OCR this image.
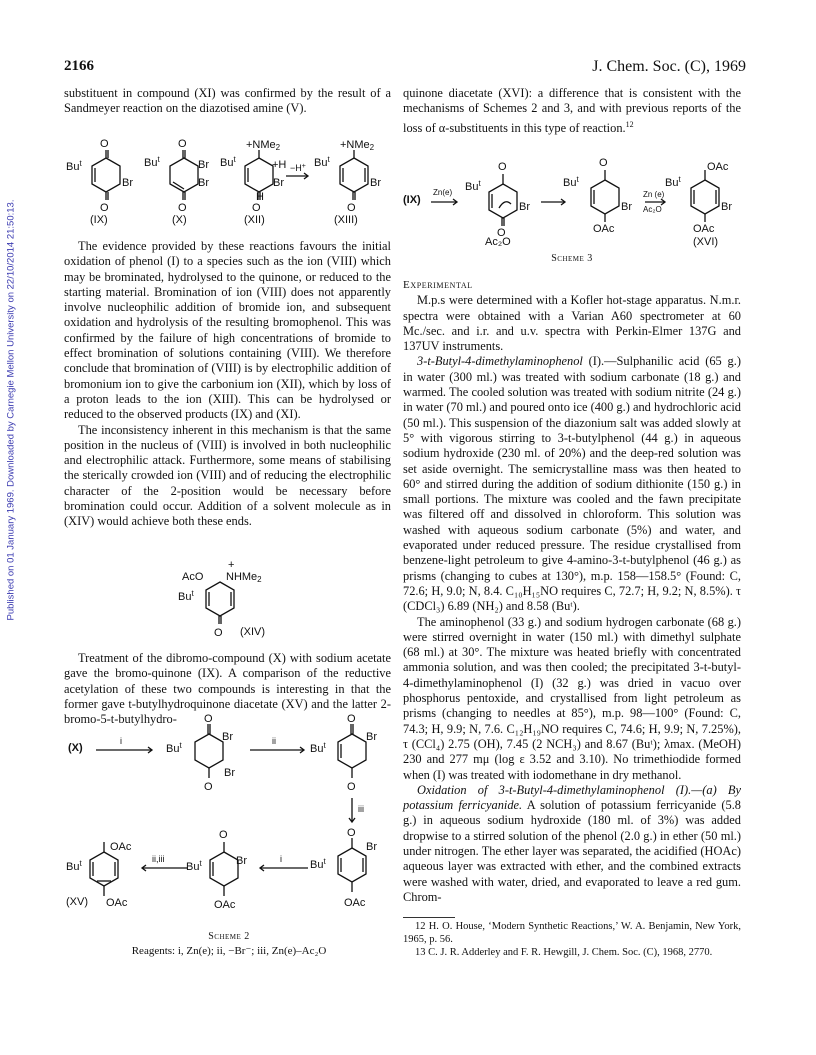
2166	J. Chem. Soc. (C), 1969
Published on 01 January 1969. Downloaded by Carnegie Mellon University on 22/10/2014 21:50:13.

substituent in compound (XI) was confirmed by the result of a Sandmeyer reaction on the diazotised amine (V).

O
O
Bu$^t$
Br
O
O
Bu$^t$	Br
Br
+NMe2
$Bu^t$	+H
Br
O
H
−H+
+NMe2
Bu$^t$
Br
O
(IX)	(X)	(XII)	(XIII)

The evidence provided by these reactions favours the initial oxidation of phenol (I) to a species such as the ion (VIII) which may be brominated, hydrolysed to the quinone, or reduced to the starting material. Bromination of ion (VIII) does not apparently involve nucleophilic addition of bromide ion, and subsequent oxidation and hydrolysis of the resulting bromophenol. This was confirmed by the failure of high concentrations of bromide to effect bromination of solutions containing (VIII). We therefore conclude that bromination of (VIII) is by electrophilic addition of bromonium ion to give the carbonium ion (XII), which by loss of a proton leads to the ion (XIII). This can be hydrolysed or reduced to the observed products (IX) and (XI).

The inconsistency inherent in this mechanism is that the same position in the nucleus of (VIII) is involved in both nucleophilic and electrophilic attack. Furthermore, some means of stabilising the sterically crowded ion (VIII) and of reducing the electrophilic character of the 2-position would be necessary before bromination could occur. Addition of a solvent molecule as in (XIV) would achieve both these ends.

AcO NHMe2
+
$Bu^t$
O (XIV)

Treatment of the dibromo-compound (X) with sodium acetate gave the bromo-quinone (IX). A comparison of the reductive acetylation of these two compounds is interesting in that the former gave t-butylhydroquinone diacetate (XV) and the latter 2-bromo-5-t-butylhydro-	O
O
Bu$^t$
Br
Br
O
O
Bu$^t$
Br
O
Bu$^t$
Br
OAc
O
Bu$^t$	Br
OAc
OAc
Bu$^t$
OAc
(X)
i	ii
iii
ii,iii	i
(XV)
Scheme 2
Reagents: i, Zn(e); ii, −Br⁻; iii, Zn(e)–Ac₂O

quinone diacetate (XVI): a difference that is consistent with the mechanisms of Schemes 2 and 3, and with previous reports of the loss of α-substituents in this type of reaction.$^{12}$

O
Bu$^t$
Br
O
O
Bu$^t$
Br
OAc
OAc
Bu$^t$
Br
OAc
(IX)
Zn(e)	Zn (e)
Ac₂O
Ac₂O	(XVI)
Scheme 3

Experimental

M.p.s were determined with a Kofler hot-stage apparatus. N.m.r. spectra were obtained with a Varian A60 spectrometer at 60 Mc./sec. and i.r. and u.v. spectra with Perkin-Elmer 137G and 137UV instruments.

3-t-Butyl-4-dimethylaminophenol (I).—Sulphanilic acid (65 g.) in water (300 ml.) was treated with sodium carbonate (18 g.) and warmed. The cooled solution was treated with sodium nitrite (24 g.) in water (70 ml.) and poured onto ice (400 g.) and hydrochloric acid (50 ml.). This suspension of the diazonium salt was added slowly at 5° with vigorous stirring to 3-t-butylphenol (44 g.) in aqueous sodium hydroxide (230 ml. of 20%) and the deep-red solution was set aside overnight. The semicrystalline mass was then heated to 60° and stirred during the addition of sodium dithionite (150 g.) in small portions. The mixture was cooled and the fawn precipitate was filtered off and dissolved in chloroform. This solution was washed with aqueous sodium carbonate (5%) and water, and evaporated under reduced pressure. The residue crystallised from benzene-light petroleum to give 4-amino-3-t-butylphenol (46 g.) as prisms (changing to cubes at 130°), m.p. 158—158.5° (Found: C, 72.6; H, 9.0; N, 8.4. C₁₀H₁₅NO requires C, 72.7; H, 9.2; N, 8.5%). τ (CDCl₃) 6.89 (NH₂) and 8.58 (Buᵗ).

The aminophenol (33 g.) and sodium hydrogen carbonate (68 g.) were stirred overnight in water (150 ml.) with dimethyl sulphate (68 ml.) at 30°. The mixture was heated briefly with concentrated ammonia solution, and was then cooled; the precipitated 3-t-butyl-4-dimethylaminophenol (I) (32 g.) was dried in vacuo over phosphorus pentoxide, and crystallised from light petroleum as prisms (changing to needles at 85°), m.p. 98—100° (Found: C, 74.3; H, 9.9; N, 7.6. C₁₂H₁₉NO requires C, 74.6; H, 9.9; N, 7.25%), τ (CCl₄) 2.75 (OH), 7.45 (2 NCH₃) and 8.67 (Buᵗ); λmax. (MeOH) 230 and 277 mμ (log ε 3.52 and 3.10). No trimethiodide formed when (I) was treated with iodomethane in dry methanol.

Oxidation of 3-t-Butyl-4-dimethylaminophenol (I).—(a) By potassium ferricyanide. A solution of potassium ferricyanide (5.8 g.) in aqueous sodium hydroxide (180 ml. of 3%) was added dropwise to a stirred solution of the phenol (2.0 g.) in ether (50 ml.) under nitrogen. The ether layer was separated, the acidified (HOAc) aqueous layer was extracted with ether, and the combined extracts were washed with water, dried, and evaporated to leave a red gum. Chrom-

12 H. O. House, ‘Modern Synthetic Reactions,’ W. A. Benjamin, New York, 1965, p. 56.

13 C. J. R. Adderley and F. R. Hewgill, J. Chem. Soc. (C), 1968, 2770.
